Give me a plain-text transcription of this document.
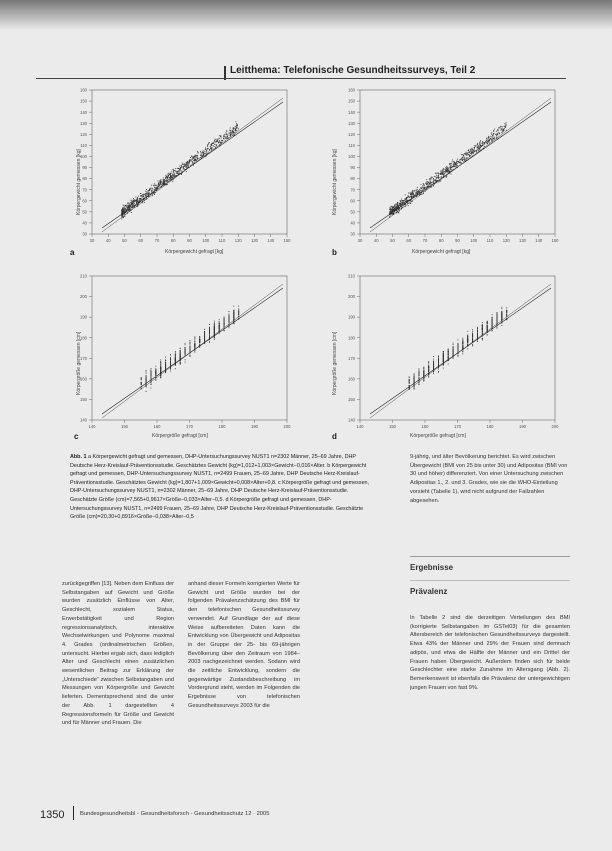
Leitthema: Telefonische Gesundheitssurveys, Teil 2
160
150
140
130
120
110
100
90
80
70
60
50
40
30
30	40	50	60	70	80	90 100 110 120 130 140 150
a	Körpergewicht gefragt [kg]
Körpergewicht gemessen [kg]
160
150
140
130
120
110
100
90
80
70
60
50
40
30
30	40	50	60	70	80	90 100 110 120 130 140 150
b	Körpergewicht gefragt [kg]
Körpergewicht gemessen [kg]
210
200
190
180
170
160
150
140
140	150	160	170	180	190	200
c	Körpergröße gefragt [cm]
Körpergröße gemessen [cm]
210
200
190
180
170
160
150
140
140	150	160	170	180	190	200
d	Körpergröße gefragt [cm]
Körpergröße gemessen [cm]
Abb. 1 a Körpergewicht gefragt und gemessen, DHP-Untersuchungssurvey NUST1 n=2302 Männer, 25–69 Jahre, DHP Deutsche Herz-Kreislauf-Präventionsstudie. Geschätztes Gewicht (kg)=1,012+1,003×Gewicht−0,016×Alter. b Körpergewicht gefragt und gemessen, DHP-Untersuchungssurvey NUST1, n=2499 Frauen, 25–69 Jahre, DHP Deutsche Herz-Kreislauf-Präventionsstudie. Geschätztes Gewicht (kg)=1,807+1,009×Gewicht+0,008×Alter+0,8. c Körpergröße gefragt und gemessen, DHP-Untersuchungssurvey NUST1, n=2302 Männer, 25–69 Jahre, DHP Deutsche Herz-Kreislauf-Präventionsstudie. Geschätzte Größe (cm)=7,565+0,9617×Größe−0,033×Alter−0,5. d Körpergröße gefragt und gemessen, DHP-Untersuchungssurvey NUST1, n=2499 Frauen, 25–69 Jahre, DHP Deutsche Herz-Kreislauf-Präventionsstudie. Geschätzte Größe (cm)=20,30+0,8916×Größe−0,038×Alter−0,5
9-jährig, und älter Bevölkerung berichtet. Es wird zwischen Übergewicht (BMI von 25 bis unter 30) und Adipositas (BMI von 30 und höher) differenziert. Von einer Untersuchung zwischen Adipositas 1., 2. und 3. Grades, wie sie die WHO-Einteilung vorsieht (Tabelle 1), wird nicht aufgrund der Fallzahlen abgesehen.
Ergebnisse
Prävalenz
zurückgegriffen [13]. Neben dem Einfluss der Selbstangaben auf Gewicht und Größe wurden zusätzlich Einflüsse von Alter, Geschlecht, sozialem Status, Erwerbstätigkeit und Region regressionsanalytisch, interaktive Wechselwirkungen und Polynome maximal 4. Grades (ordinalmetrischen Größen, untersucht. Hierbei ergab sich, dass lediglich Alter und Geschlecht einen zusätzlichen wesentlichen Beitrag zur Erklärung der „Unterschiede“ zwischen Selbstangaben und Messungen von Körpergröße und Gewicht lieferten. Dementsprechend sind die unter der Abb. 1 dargestellten 4 Regressionsformeln für Größe und Gewicht und für Männer und Frauen. Die
anhand dieser Formeln korrigierten Werte für Gewicht und Größe wurden bei der folgenden Prävalenzschätzung des BMI für den telefonischen Gesundheitssurvey verwendet. Auf Grundlage der auf diese Weise aufbereiteten Daten kann die Entwicklung von Übergewicht und Adipositas in der Gruppe der 25- bis 69-jährigen Bevölkerung über den Zeitraum von 1984–2003 nachgezeichnet werden. Sodann wird die zeitliche Entwicklung, sondern die gegenwärtige Zustandsbeschreibung im Vordergrund steht, werden im Folgenden die Ergebnisse von telefonischen Gesundheitssurveys 2003 für die
In Tabelle 2 sind die derzeitigen Verteilungen des BMI (korrigierte Selbstangaben im GSTel03) für die gesamten Altersbereich der telefonischen Gesundheitssurveys dargestellt. Etwa 43% der Männer und 29% der Frauen sind demnach adipös, und etwa die Hälfte der Männer und ein Drittel der Frauen haben Übergewicht. Außerdem finden sich für beide Geschlechter eine starke Zunahme im Altersgang (Abb. 2). Bemerkenswert ist ebenfalls die Prävalenz der untergewichtigen jungen Frauen von fast 9%.
1350	Bundesgesundheitsbl - Gesundheitsforsch - Gesundheitsschutz 12 · 2005
